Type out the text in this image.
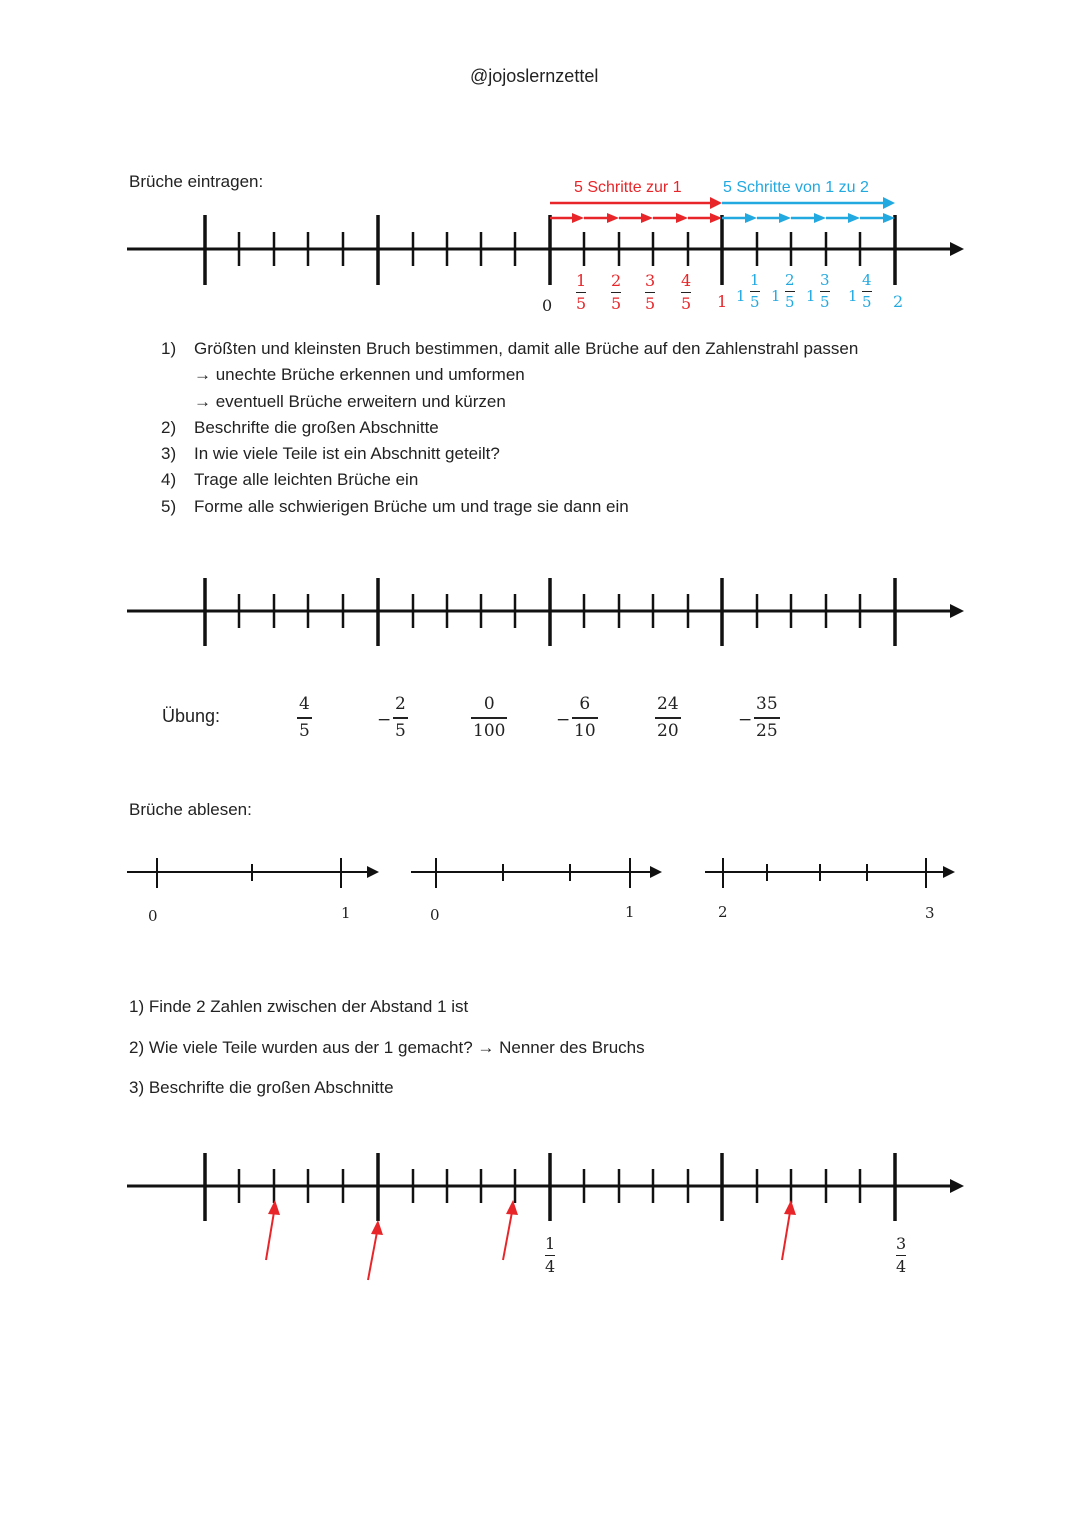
@jojoslernzettel
Brüche eintragen:	5 Schritte zur 1	5 Schritte von 1 zu 2
0	1	2
1
5
2
5
3
5
4
5	1
1
5 1
2
5 1
3
5 1
4
5
1) Größten und kleinsten Bruch bestimmen, damit alle Brüche auf den Zahlenstrahl passen
→ unechte Brüche erkennen und umformen
→ eventuell Brüche erweitern und kürzen
2) Beschrifte die großen Abschnitte
3) In wie viele Teile ist ein Abschnitt geteilt?
4) Trage alle leichten Brüche ein
5) Forme alle schwierigen Brüche um und trage sie dann ein
Übung:
4
5
−
2
5
0
100
−
6
10
24
20
−
35
25
Brüche ablesen:
0	1	0	1	2	3
1) Finde 2 Zahlen zwischen der Abstand 1 ist
2) Wie viele Teile wurden aus der 1 gemacht? → Nenner des Bruchs
3) Beschrifte die großen Abschnitte
1
4
3
4
